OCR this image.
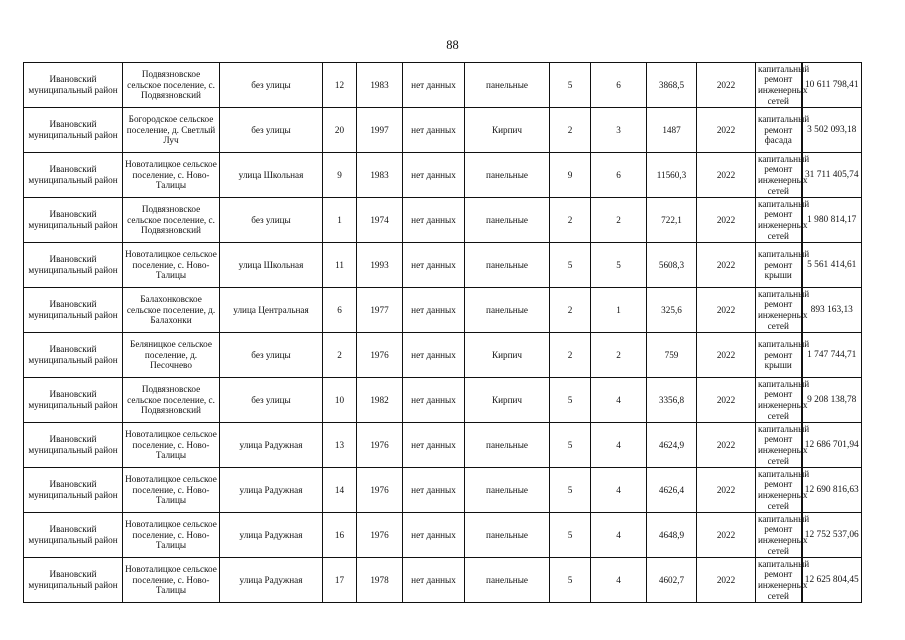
88
Ивановский муниципальный район	Подвязновское сельское поселение, с. Подвязновский	без улицы	12	1983	нет данных	панельные	5	6	3868,5	2022	капитальный ремонт инженерных сетей	10 611 798,41
Ивановский муниципальный район	Богородское сельское поселение, д. Светлый Луч	без улицы	20	1997	нет данных	Кирпич	2	3	1487	2022	капитальный ремонт фасада	3 502 093,18
Ивановский муниципальный район	Новоталицкое сельское поселение, с. Ново-Талицы	улица Школьная	9	1983	нет данных	панельные	9	6	11560,3	2022	капитальный ремонт инженерных сетей	31 711 405,74
Ивановский муниципальный район	Подвязновское сельское поселение, с. Подвязновский	без улицы	1	1974	нет данных	панельные	2	2	722,1	2022	капитальный ремонт инженерных сетей	1 980 814,17
Ивановский муниципальный район	Новоталицкое сельское поселение, с. Ново-Талицы	улица Школьная	11	1993	нет данных	панельные	5	5	5608,3	2022	капитальный ремонт крыши	5 561 414,61
Ивановский муниципальный район	Балахонковское сельское поселение, д. Балахонки	улица Центральная	6	1977	нет данных	панельные	2	1	325,6	2022	капитальный ремонт инженерных сетей	893 163,13
Ивановский муниципальный район	Беляницкое сельское поселение, д. Песочнево	без улицы	2	1976	нет данных	Кирпич	2	2	759	2022	капитальный ремонт крыши	1 747 744,71
Ивановский муниципальный район	Подвязновское сельское поселение, с. Подвязновский	без улицы	10	1982	нет данных	Кирпич	5	4	3356,8	2022	капитальный ремонт инженерных сетей	9 208 138,78
Ивановский муниципальный район	Новоталицкое сельское поселение, с. Ново-Талицы	улица Радужная	13	1976	нет данных	панельные	5	4	4624,9	2022	капитальный ремонт инженерных сетей	12 686 701,94
Ивановский муниципальный район	Новоталицкое сельское поселение, с. Ново-Талицы	улица Радужная	14	1976	нет данных	панельные	5	4	4626,4	2022	капитальный ремонт инженерных сетей	12 690 816,63
Ивановский муниципальный район	Новоталицкое сельское поселение, с. Ново-Талицы	улица Радужная	16	1976	нет данных	панельные	5	4	4648,9	2022	капитальный ремонт инженерных сетей	12 752 537,06
Ивановский муниципальный район	Новоталицкое сельское поселение, с. Ново-Талицы	улица Радужная	17	1978	нет данных	панельные	5	4	4602,7	2022	капитальный ремонт инженерных сетей	12 625 804,45
